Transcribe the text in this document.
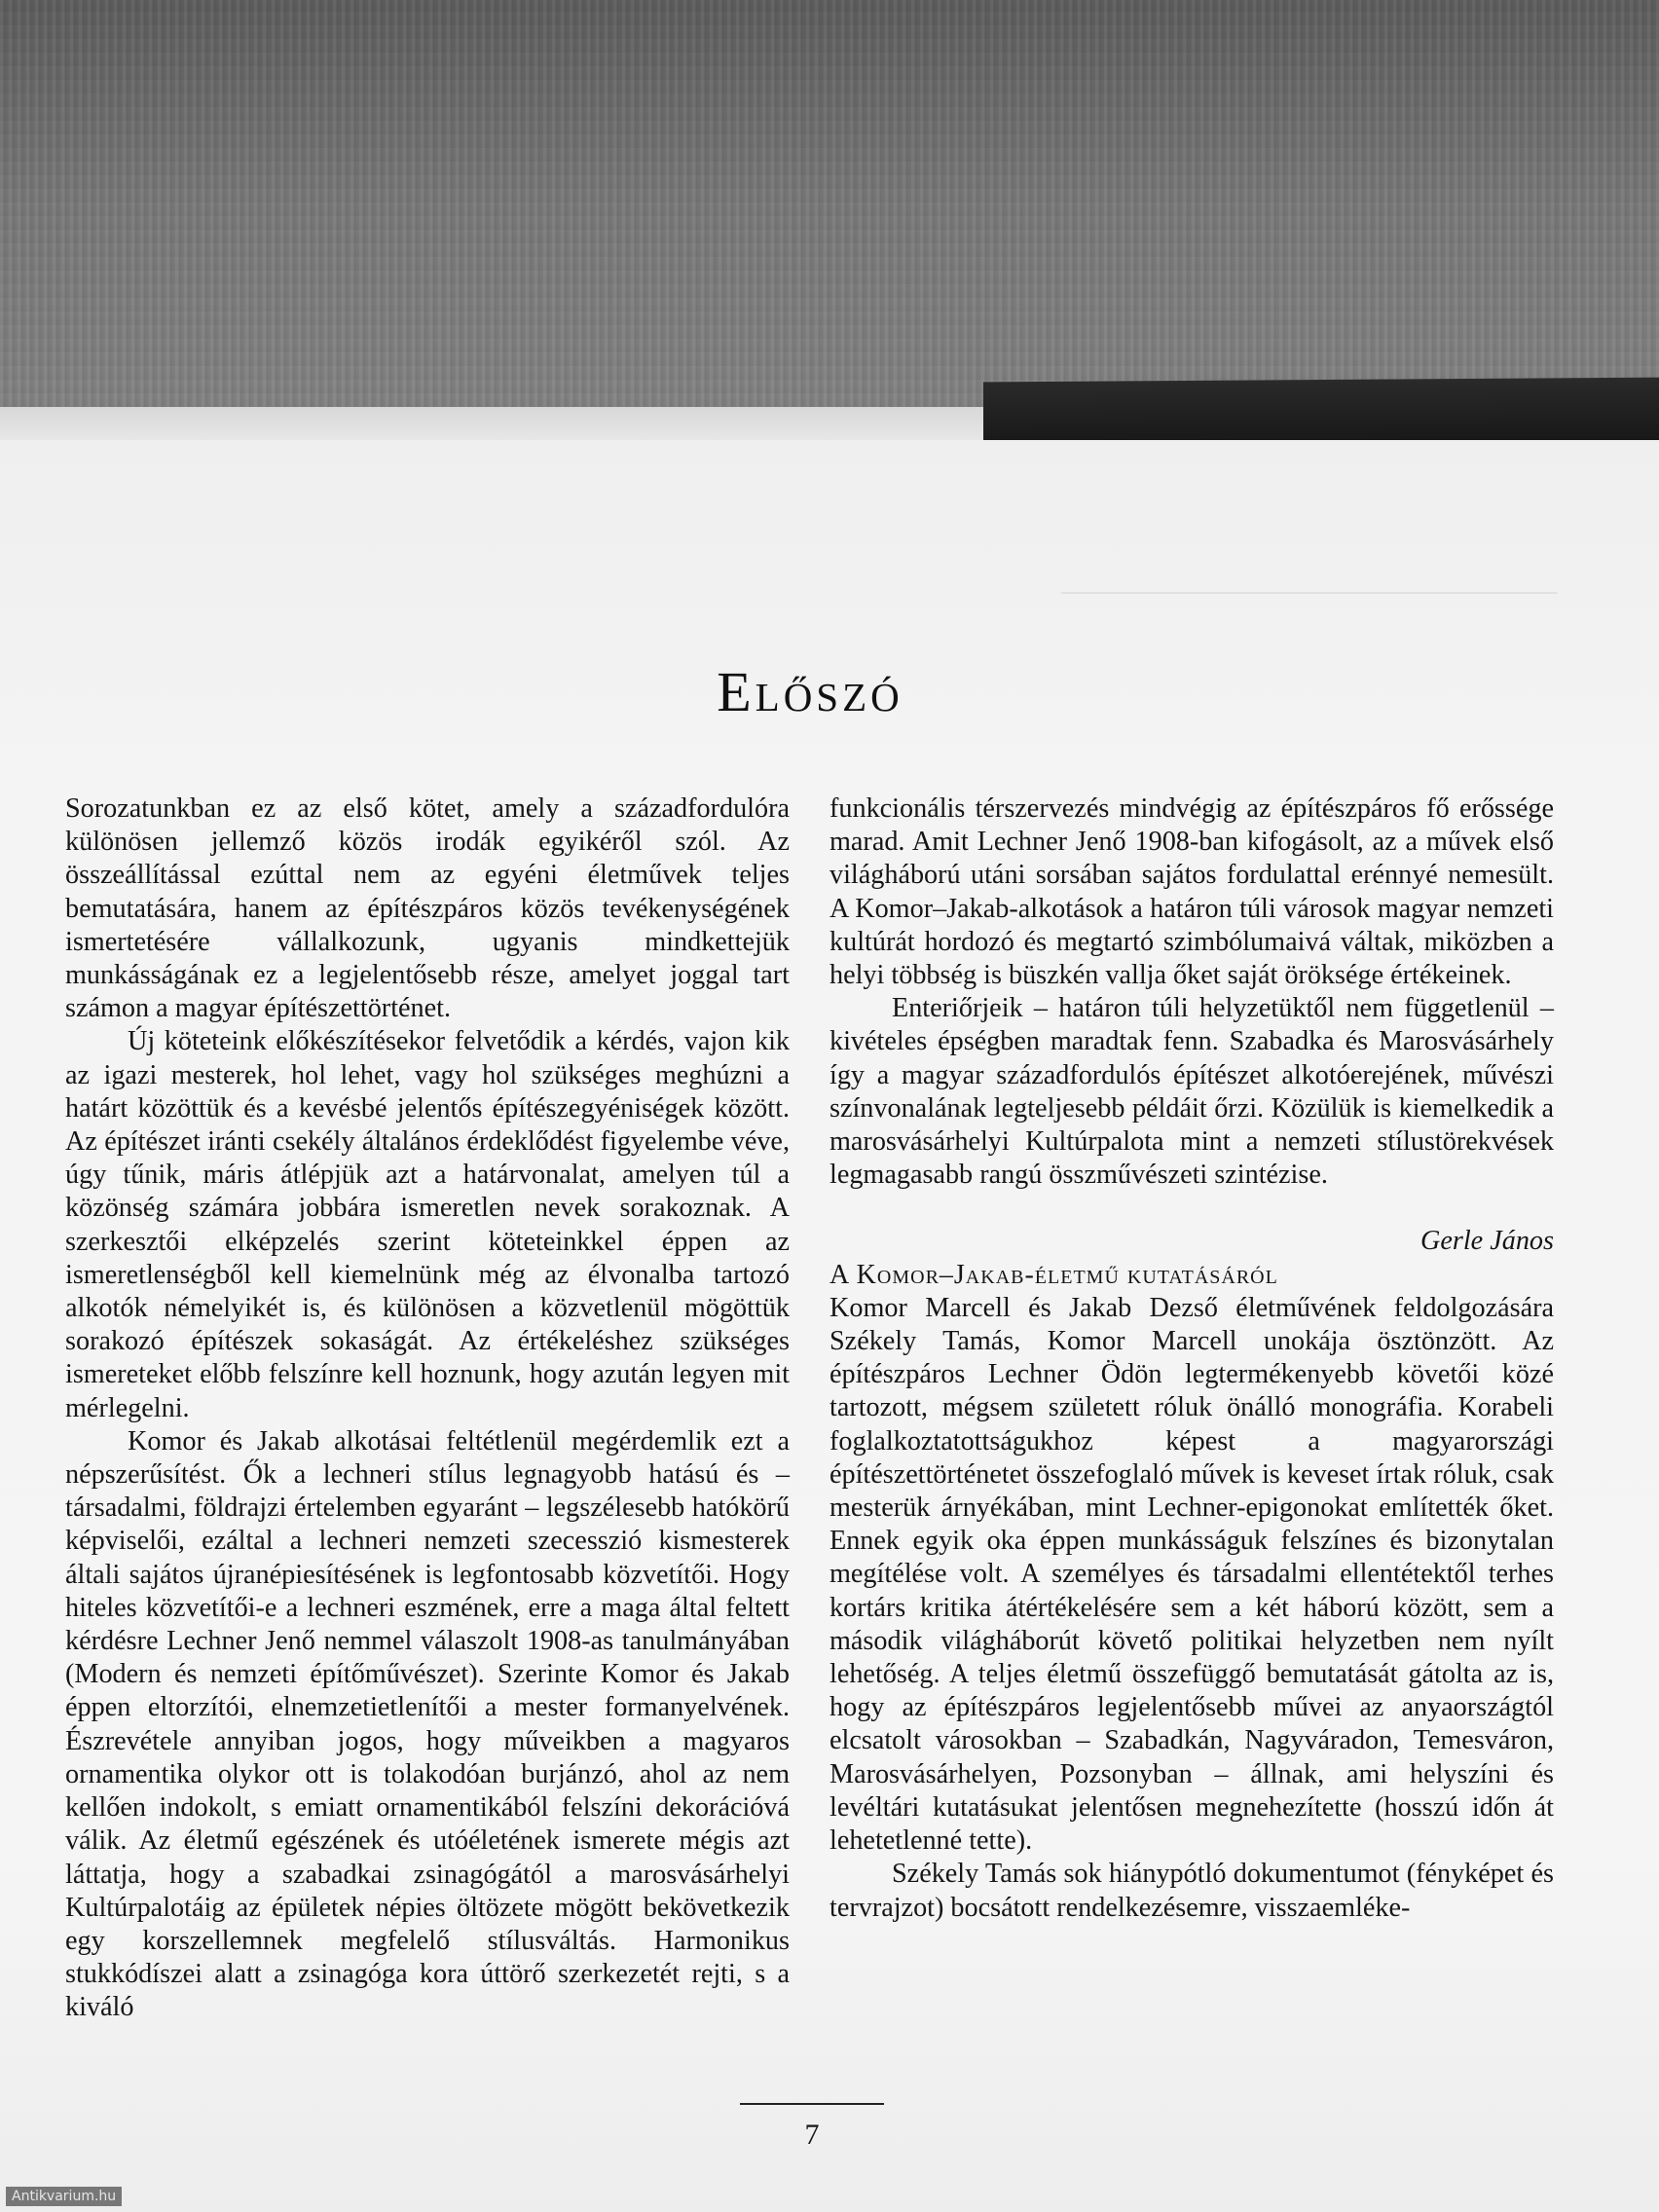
Előszó

Sorozatunkban ez az első kötet, amely a századfordulóra különösen jellemző közös irodák egyikéről szól. Az összeállítással ezúttal nem az egyéni életművek teljes bemutatására, hanem az építészpáros közös tevékenységének ismertetésére vállalkozunk, ugyanis mindkettejük munkásságának ez a legjelentősebb része, amelyet joggal tart számon a magyar építészettörténet.

Új köteteink előkészítésekor felvetődik a kérdés, vajon kik az igazi mesterek, hol lehet, vagy hol szükséges meghúzni a határt közöttük és a kevésbé jelentős építészegyéniségek között. Az építészet iránti csekély általános érdeklődést figyelembe véve, úgy tűnik, máris átlépjük azt a határvonalat, amelyen túl a közönség számára jobbára ismeretlen nevek sorakoznak. A szerkesztői elképzelés szerint köteteinkkel éppen az ismeretlenségből kell kiemelnünk még az élvonalba tartozó alkotók némelyikét is, és különösen a közvetlenül mögöttük sorakozó építészek sokaságát. Az értékeléshez szükséges ismereteket előbb felszínre kell hoznunk, hogy azután legyen mit mérlegelni.

Komor és Jakab alkotásai feltétlenül megérdemlik ezt a népszerűsítést. Ők a lechneri stílus legnagyobb hatású és – társadalmi, földrajzi értelemben egyaránt – legszélesebb hatókörű képviselői, ezáltal a lechneri nemzeti szecesszió kismesterek általi sajátos újranépiesítésének is legfontosabb közvetítői. Hogy hiteles közvetítői-e a lechneri eszmének, erre a maga által feltett kérdésre Lechner Jenő nemmel válaszolt 1908-as tanulmányában (Modern és nemzeti építőművészet). Szerinte Komor és Jakab éppen eltorzítói, elnemzetietlenítői a mester formanyelvének. Észrevétele annyiban jogos, hogy műveikben a magyaros ornamentika olykor ott is tolakodóan burjánzó, ahol az nem kellően indokolt, s emiatt ornamentikából felszíni dekorációvá válik. Az életmű egészének és utóéletének ismerete mégis azt láttatja, hogy a szabadkai zsinagógától a marosvásárhelyi Kultúrpalotáig az épületek népies öltözete mögött bekövetkezik egy korszellemnek megfelelő stílusváltás. Harmonikus stukkódíszei alatt a zsinagóga kora úttörő szerkezetét rejti, s a kiváló

funkcionális térszervezés mindvégig az építészpáros fő erőssége marad. Amit Lechner Jenő 1908-ban kifogásolt, az a művek első világháború utáni sorsában sajátos fordulattal erénnyé nemesült. A Komor–Jakab-alkotások a határon túli városok magyar nemzeti kultúrát hordozó és megtartó szimbólumaivá váltak, miközben a helyi többség is büszkén vallja őket saját öröksége értékeinek.

Enteriőrjeik – határon túli helyzetüktől nem függetlenül – kivételes épségben maradtak fenn. Szabadka és Marosvásárhely így a magyar századfordulós építészet alkotóerejének, művészi színvonalának legteljesebb példáit őrzi. Közülük is kiemelkedik a marosvásárhelyi Kultúrpalota mint a nemzeti stílustörekvések legmagasabb rangú összművészeti szintézise.

Gerle János

A Komor–Jakab-életmű kutatásáról

Komor Marcell és Jakab Dezső életművének feldolgozására Székely Tamás, Komor Marcell unokája ösztönzött. Az építészpáros Lechner Ödön legtermékenyebb követői közé tartozott, mégsem született róluk önálló monográfia. Korabeli foglalkoztatottságukhoz képest a magyarországi építészettörténetet összefoglaló művek is keveset írtak róluk, csak mesterük árnyékában, mint Lechner-epigonokat említették őket. Ennek egyik oka éppen munkásságuk felszínes és bizonytalan megítélése volt. A személyes és társadalmi ellentétektől terhes kortárs kritika átértékelésére sem a két háború között, sem a második világháborút követő politikai helyzetben nem nyílt lehetőség. A teljes életmű összefüggő bemutatását gátolta az is, hogy az építészpáros legjelentősebb művei az anyaországtól elcsatolt városokban – Szabadkán, Nagyváradon, Temesváron, Marosvásárhelyen, Pozsonyban – állnak, ami helyszíni és levéltári kutatásukat jelentősen megnehezítette (hosszú időn át lehetetlenné tette).

Székely Tamás sok hiánypótló dokumentumot (fényképet és tervrajzot) bocsátott rendelkezésemre, visszaemléke-

7
Antikvarium.hu
